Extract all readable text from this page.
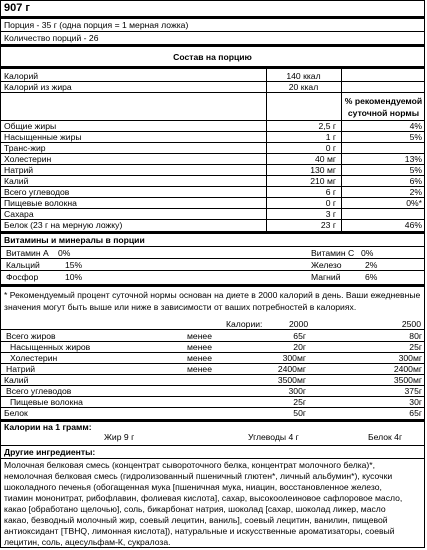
907 г
Порция - 35 г (одна порция = 1 мерная ложка)
Количество порций - 26
Состав на порцию
Калорий	140 ккал
Калорий из жира	20 ккал
% рекомендуемой
суточной нормы
Общие жиры	2,5 г	4%
Насыщенные жиры	1 г	5%
Транс-жир	0 г
Холестерин	40 мг	13%
Натрий	130 мг	5%
Калий	210 мг	6%
Всего углеводов	6 г	2%
Пищевые волокна	0 г	0%*
Сахара	3 г
Белок (23 г на мерную ложку)	23 г	46%
Витамины и минералы в порции
Витамин А 0%	Витамин С 0%
Кальций	15%	Железо	2%
Фосфор	10%	Магний	6%
* Рекомендуемый процент суточной нормы основан на диете в 2000 калорий в день. Ваши ежедневные значения могут быть выше или ниже в зависимости от ваших потребностей в калориях.
Калории:	2000	2500
Всего жиров	менее	65г	80г
Насыщенных жиров	менее	20г	25г
Холестерин	менее	300мг	300мг
Натрий	менее	2400мг	2400мг
Калий	3500мг	3500мг
Всего углеводов	300г	375г
Пищевые волокна	25г	30г
Белок	50г	65г
Калории на 1 грамм:
Жир 9 г	Углеводы 4 г	Белок 4г
Другие ингредиенты:
Молочная белковая смесь (концентрат сывороточного белка, концентрат молочного белка)*,
немолочная белковая смесь (гидролизованный пшеничный глютен*, личный альбумин*), кусочки
шоколадного печенья (обогащенная мука [пшеничная мука, ниацин, восстановленное железо,
тиамин мононитрат, рибофлавин, фолиевая кислота], сахар, высокоолеиновое сафлоровое масло,
какао [обработано щелочью], соль, бикарбонат натрия, шоколад [сахар, шоколад ликер, масло
какао, безводный молочный жир, соевый лецитин, ваниль], соевый лецитин, ванилин, пищевой
антиоксидант [ТВНQ, лимонная кислота]), натуральные и искусственные ароматизаторы, соевый
лецитин, соль, ацесульфам-К, сукралоза.
